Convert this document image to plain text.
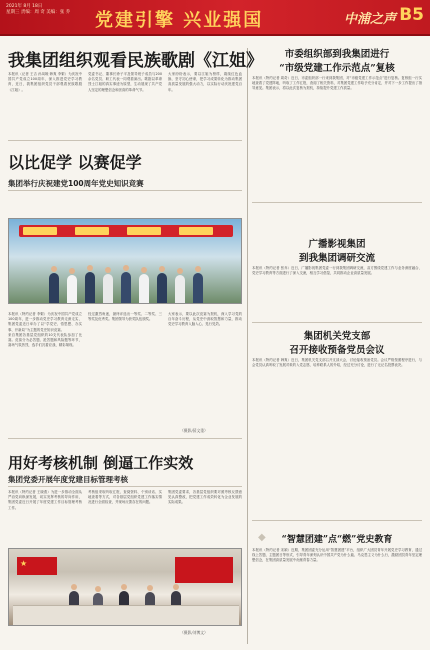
2021年 8月 18日
星期三 责编：周 奇 美编：张 乔 党建引擎 兴业强国	中浦之声 B5
我集团组织观看民族歌剧《江姐》

本报讯（记者 王吉 孙凤娥 韩爽 李繁）为庆祝中国共产党成立100周年，深入推进党史学习教育，近日，我集团组织党员干部观看民族歌剧《江姐》。

党委书记、董事长徐子平及领导班子成员与200余名党员、职工代表一同观看演出。歌剧以革命烈士江姐的真实事迹为原型，生动展现了共产党人坚定的理想信念和崇高的革命气节。

大家纷纷表示，要以江姐为榜样，赓续红色血脉，坚守初心使命，把学习成果转化为推动集团高质量发展的强大动力，以实际行动庆祝建党百年。

以比促学 以赛促学
集团举行庆祝建党100周年党史知识竞赛

本报讯（特约记者 李繁）为庆祝中国共产党成立100周年，进一步推动党史学习教育走深走实，集团党委近日举办了以“学党史、悟思想、办实事、开新局”为主题的党史知识竞赛。

来自集团各基层党组织的10支代表队参加了比赛。竞赛分为必答题、抢答题和风险题等环节，赛场气氛热烈，选手们沉着应战、精彩频现。

经过激烈角逐，最终评选出一等奖、二等奖、三等奖及优秀奖。集团领导为获奖队伍颁奖。

大家表示，要以此次竞赛为契机，深入学习党的百年奋斗历程，从党史中汲取智慧和力量，推动党史学习教育入脑入心、见行见效。

（摄影/薛文重）
用好考核机制 倒逼工作实效
集团党委开展年度党建目标管理考核

本报讯（特约记者 王晓燕）为进一步推动全面从严治党向纵深发展，切实发挥考核的导向作用，集团党委近日开展了年度党建工作目标管理考核工作。

考核组采取听取汇报、查阅资料、个别谈话、实地查看等方式，对各基层党组织党建工作落实情况进行全面检查，并现场反馈存在的问题。

集团党委要求，各基层党组织要对照考核反馈意见认真整改，把党建工作成效转化为企业发展的实际成果。

★
（摄影/刘博文）
市委组织部到我集团进行
“市级党建工作示范点”复核
本报讯（特约记者 周奇）近日，市委组织部一行来到我集团，对“市级党建工作示范点”进行复核。复核组一行实地查看了党建阵地，听取了工作汇报，查阅了相关资料，对集团党建工作给予充分肯定，并对下一步工作提出了指导意见。集团表示，将以此次复核为契机，持续提升党建工作质量。
广播影视集团
到我集团调研交流
本报讯（特约记者 张乔）近日，广播影视集团党委一行到我集团调研交流，双方围绕党建工作与业务深度融合、党史学习教育等方面进行了深入交流，相互学习借鉴，共同推动企业高质量发展。
集团机关党支部
召开接收预备党员会议
本报讯（特约记者 韩爽）近日，集团机关党支部召开支部大会，讨论接收预备党员。会议严格按照程序进行，与会党员认真听取了发展对象的入党志愿、培养联系人的介绍，经过充分讨论，进行了无记名投票表决。
◆	“智慧团建”点“燃”党史教育
本报讯（特约记者 宋颖）近期，集团团委充分运用“智慧团建”平台，组织广大团员青年开展党史学习教育，通过线上答题、主题团日等形式，引导青年深刻认识中国共产党为什么能、马克思主义为什么行，激励团员青年坚定理想信念，在集团高质量发展中贡献青春力量。
